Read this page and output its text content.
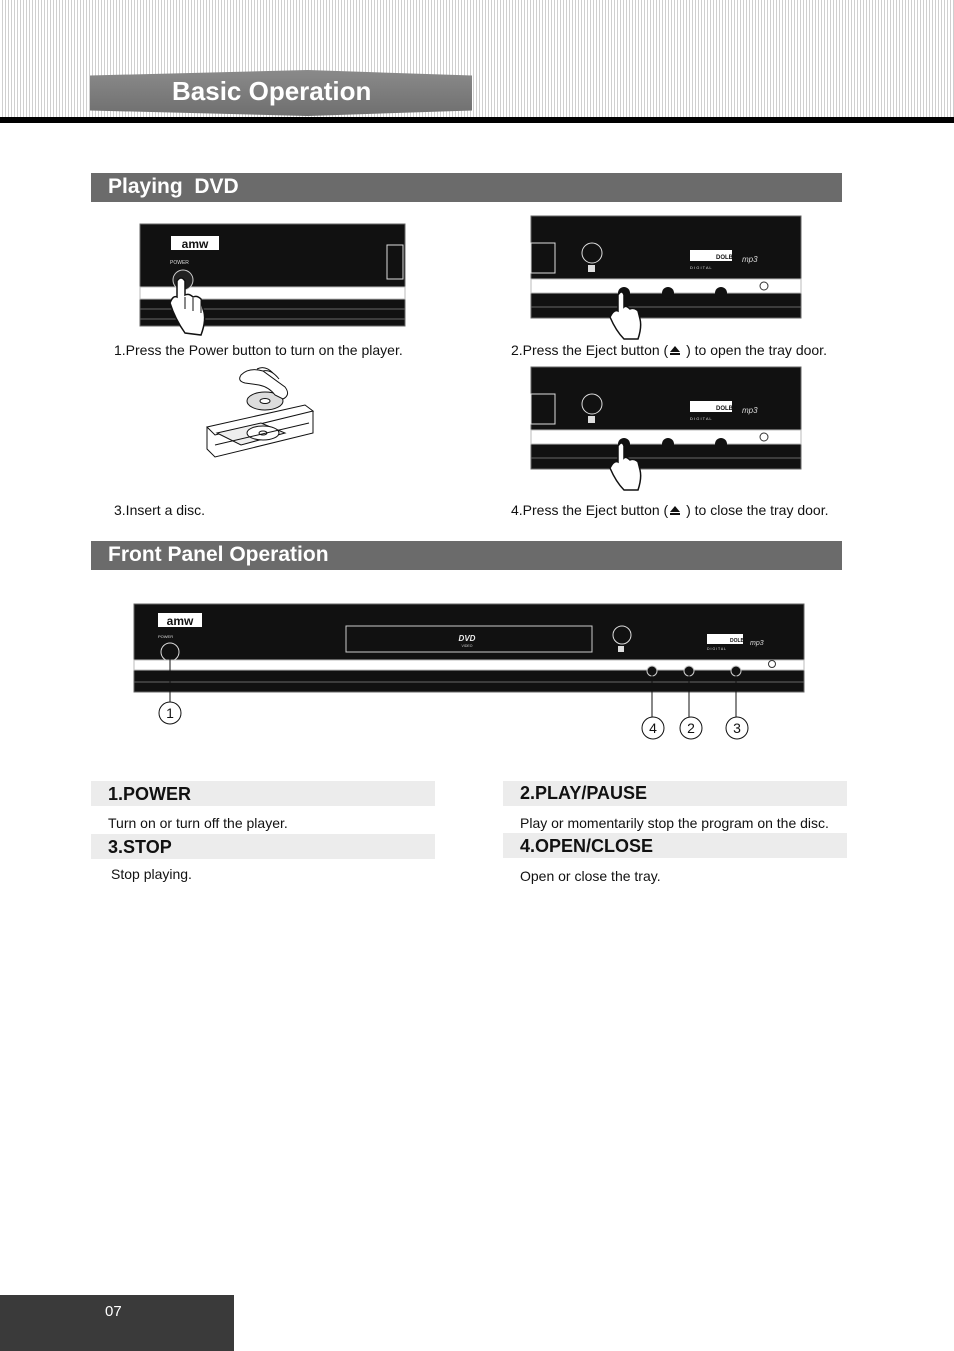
Basic Operation
Playing  DVD
amw
POWER
1.Press the Power button to turn on the player.
DOLBY
D I G I T A L
mp3
2.Press the Eject button ( ) to open the tray door.
DOLBY
D I G I T A L
mp3
3.Insert a disc.	4.Press the Eject button ( ) to close the tray door.
Front Panel Operation
amw
POWER	DVD
VIDEO
DOLBY
D I G I T A L
mp3
1
4 2	3
1.POWER
Turn on or turn off the player.
2.PLAY/PAUSE
Play or momentarily stop the program on the disc.
3.STOP
Stop playing.
4.OPEN/CLOSE
Open or close the tray.
07
